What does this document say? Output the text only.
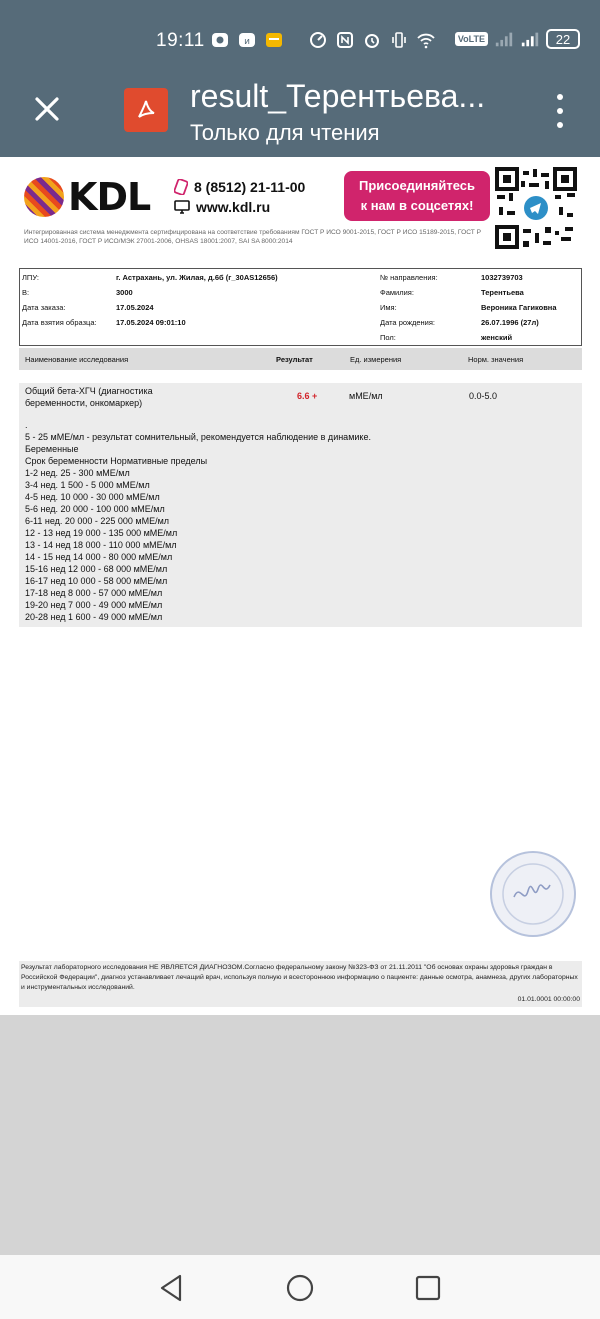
19:11	и	VoLTE	22
result_Терентьева...
Только для чтения
KDL	8 (8512) 21-11-00
www.kdl.ru
Присоединяйтесь
к нам в соцсетях!
Интегрированная система менеджмента сертифицирована на соответствие требованиям ГОСТ Р ИСО 9001-2015, ГОСТ Р ИСО 15189-2015, ГОСТ Р ИСО 14001-2016, ГОСТ Р ИСО/МЭК 27001-2006, OHSAS 18001:2007, SAI SA 8000:2014
ЛПУ:	г. Астрахань, ул. Жилая, д.6б (г_30AS12656)
В:	3000
Дата заказа:	17.05.2024
Дата взятия образца:	17.05.2024 09:01:10
№ направления:	1032739703
Фамилия:	Терентьева
Имя:	Вероника Гагиковна
Дата рождения:	26.07.1996 (27л)
Пол:	женский
Наименование исследования	Результат	Ед. измерения	Норм. значения
Общий бета-ХГЧ (диагностика
беременности, онкомаркер)
6.6 +	мМЕ/мл	0.0-5.0
.
5 - 25 мМЕ/мл - результат сомнительный, рекомендуется наблюдение в динамике.
Беременные
Срок беременности Нормативные пределы
1-2 нед. 25 - 300 мМЕ/мл
3-4 нед. 1 500 - 5 000 мМЕ/мл
4-5 нед. 10 000 - 30 000 мМЕ/мл
5-6 нед. 20 000 - 100 000 мМЕ/мл
6-11 нед. 20 000 - 225 000 мМЕ/мл
12 - 13 нед 19 000 - 135 000 мМЕ/мл
13 - 14 нед 18 000 - 110 000 мМЕ/мл
14 - 15 нед 14 000 - 80 000 мМЕ/мл
15-16 нед 12 000 - 68 000 мМЕ/мл
16-17 нед 10 000 - 58 000 мМЕ/мл
17-18 нед 8 000 - 57 000 мМЕ/мл
19-20 нед 7 000 - 49 000 мМЕ/мл
20-28 нед 1 600 - 49 000 мМЕ/мл
Результат лабораторного исследования НЕ ЯВЛЯЕТСЯ ДИАГНОЗОМ.Согласно федеральному закону №323-ФЗ от 21.11.2011 "Об основах охраны здоровья граждан в Российской Федерации", диагноз устанавливает лечащий врач, используя полную и всестороннюю информацию о пациенте: данные осмотра, анамнеза, других лабораторных и инструментальных исследований.
01.01.0001 00:00:00
